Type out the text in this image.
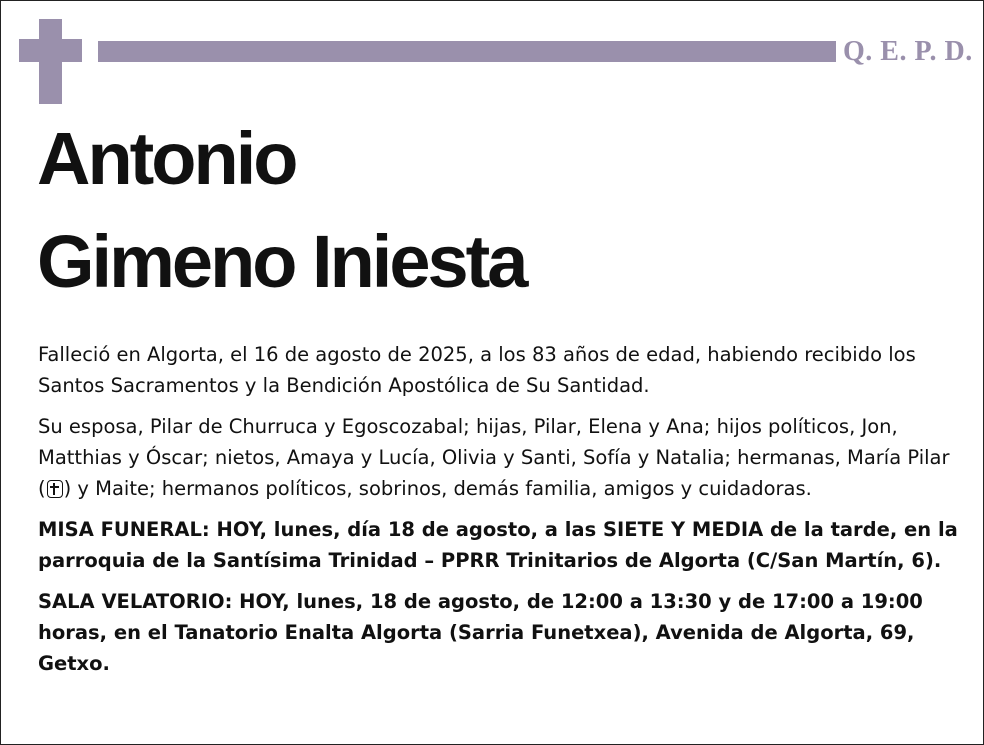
Q. E. P. D.
Antonio
Gimeno Iniesta

Falleció en Algorta, el 16 de agosto de 2025, a los 83 años de edad, habiendo recibido los Santos Sacramentos y la Bendición Apostólica de Su Santidad.

Su esposa, Pilar de Churruca y Egoscozabal; hijas, Pilar, Elena y Ana; hijos políticos, Jon, Matthias y Óscar; nietos, Amaya y Lucía, Olivia y Santi, Sofía y Natalia; hermanas, María Pilar ( ) y Maite; hermanos políticos, sobrinos, demás familia, amigos y cuidadoras.

MISA FUNERAL: HOY, lunes, día 18 de agosto, a las SIETE Y MEDIA de la tarde, en la parroquia de la Santísima Trinidad – PPRR Trinitarios de Algorta (C/San Martín, 6).

SALA VELATORIO: HOY, lunes, 18 de agosto, de 12:00 a 13:30 y de 17:00 a 19:00 horas, en el Tanatorio Enalta Algorta (Sarria Funetxea), Avenida de Algorta, 69, Getxo.
